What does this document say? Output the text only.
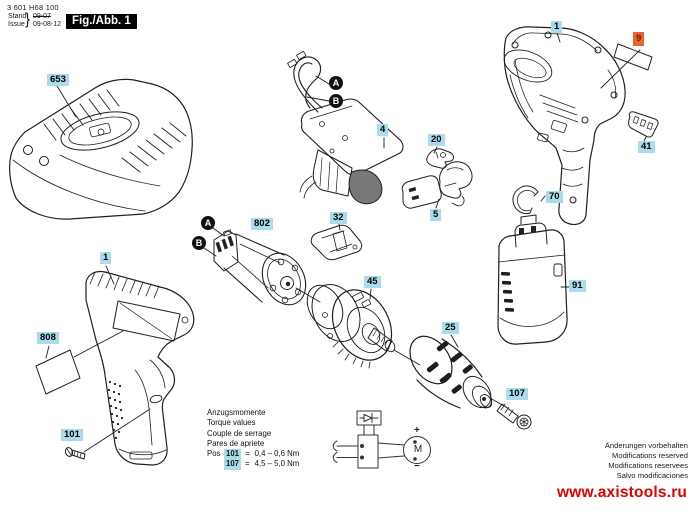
3 601 H68 100
Stand
Issue } 09-07
09-08-12 Fig./Abb. 1
653
1
9
41
70
4
20
5
32
802
45	91
25
107
1
808
101
A
B
A
B
Anzugsmomente
Torque values
Couple de serrage
Pares de apriete
Pos 101 = 0,4 – 0,6 Nm
107 = 4,5 – 5,0 Nm
M
+
−
Änderungen vorbehalten
Modifications reserved
Modifications reservees
Salvo modificaciones
www.axistools.ru
